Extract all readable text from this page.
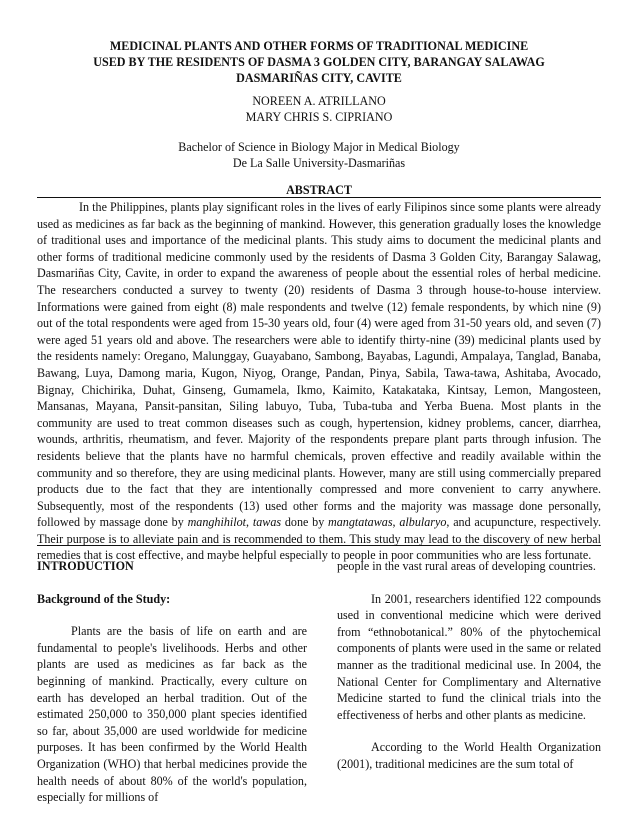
MEDICINAL PLANTS AND OTHER FORMS OF TRADITIONAL MEDICINE
USED BY THE RESIDENTS OF DASMA 3 GOLDEN CITY, BARANGAY SALAWAG
DASMARIÑAS CITY, CAVITE
NOREEN A. ATRILLANO
MARY CHRIS S. CIPRIANO
Bachelor of Science in Biology Major in Medical Biology
De La Salle University-Dasmariñas
ABSTRACT

In the Philippines, plants play significant roles in the lives of early Filipinos since some plants were already used as medicines as far back as the beginning of mankind. However, this generation gradually loses the knowledge of traditional uses and importance of the medicinal plants. This study aims to document the medicinal plants and other forms of traditional medicine commonly used by the residents of Dasma 3 Golden City, Barangay Salawag, Dasmariñas City, Cavite, in order to expand the awareness of people about the essential roles of herbal medicine. The researchers conducted a survey to twenty (20) residents of Dasma 3 through house-to-house interview. Informations were gained from eight (8) male respondents and twelve (12) female respondents, by which nine (9) out of the total respondents were aged from 15-30 years old, four (4) were aged from 31-50 years old, and seven (7) were aged 51 years old and above. The researchers were able to identify thirty-nine (39) medicinal plants used by the residents namely: Oregano, Malunggay, Guayabano, Sambong, Bayabas, Lagundi, Ampalaya, Tanglad, Banaba, Bawang, Luya, Damong maria, Kugon, Niyog, Orange, Pandan, Pinya, Sabila, Tawa-tawa, Ashitaba, Avocado, Bignay, Chichirika, Duhat, Ginseng, Gumamela, Ikmo, Kaimito, Katakataka, Kintsay, Lemon, Mangosteen, Mansanas, Mayana, Pansit-pansitan, Siling labuyo, Tuba, Tuba-tuba and Yerba Buena. Most plants in the community are used to treat common diseases such as cough, hypertension, kidney problems, cancer, diarrhea, wounds, arthritis, rheumatism, and fever. Majority of the respondents prepare plant parts through infusion. The residents believe that the plants have no harmful chemicals, proven effective and readily available within the community and so therefore, they are using medicinal plants. However, many are still using commercially prepared products due to the fact that they are intentionally compressed and more convenient to carry anywhere. Subsequently, most of the respondents (13) used other forms and the majority was massage done personally, followed by massage done by manghihilot, tawas done by mangtatawas, albularyo, and acupuncture, respectively. Their purpose is to alleviate pain and is recommended to them. This study may lead to the discovery of new herbal remedies that is cost effective, and maybe helpful especially to people in poor communities who are less fortunate.

INTRODUCTION
Background of the Study:

Plants are the basis of life on earth and are fundamental to people's livelihoods. Herbs and other plants are used as medicines as far back as the beginning of mankind. Practically, every culture on earth has developed an herbal tradition. Out of the estimated 250,000 to 350,000 plant species identified so far, about 35,000 are used worldwide for medicine purposes. It has been confirmed by the World Health Organization (WHO) that herbal medicines provide the health needs of about 80% of the world's population, especially for millions of

people in the vast rural areas of developing countries.

In 2001, researchers identified 122 compounds used in conventional medicine which were derived from “ethnobotanical.” 80% of the phytochemical components of plants were used in the same or related manner as the traditional medicinal use. In 2004, the National Center for Complimentary and Alternative Medicine started to fund the clinical trials into the effectiveness of herbs and other plants as medicine.

According to the World Health Organization (2001), traditional medicines are the sum total of
